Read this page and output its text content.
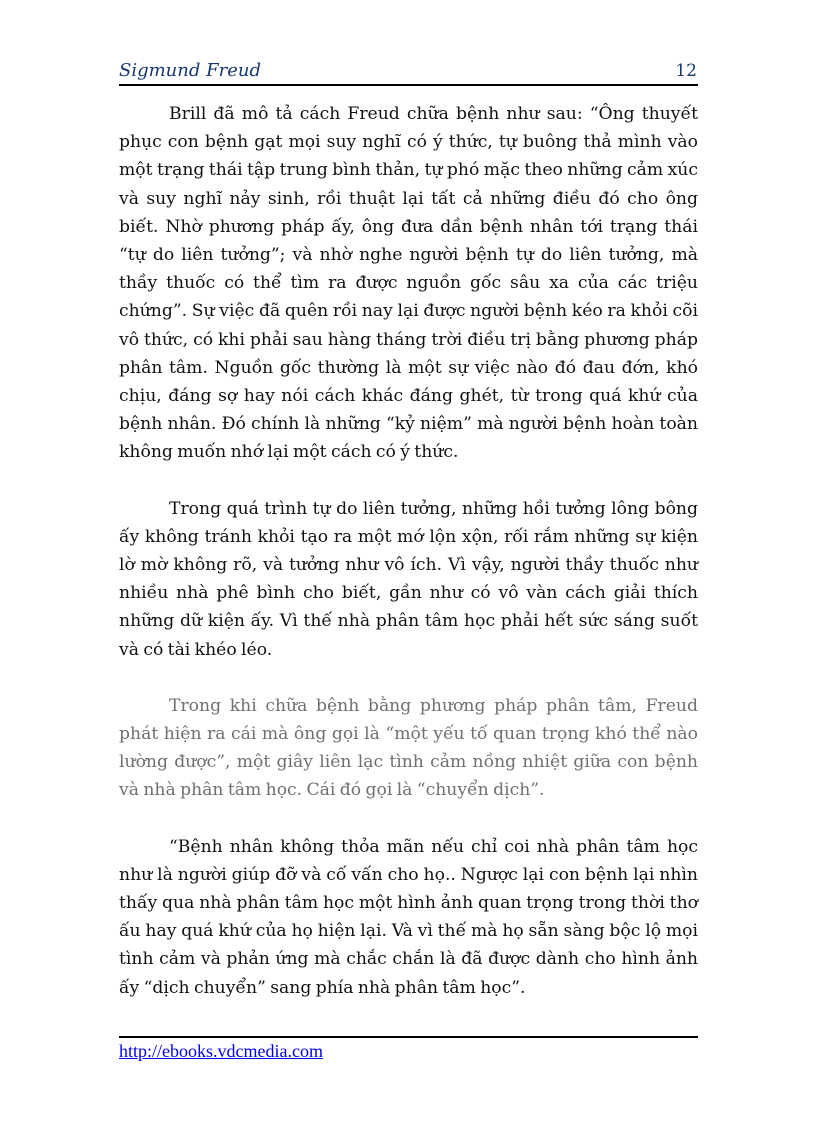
Sigmund Freud	12

Brill đã mô tả cách Freud chữa bệnh như sau: “Ông thuyết phục con bệnh gạt mọi suy nghĩ có ý thức, tự buông thả mình vào một trạng thái tập trung bình thản, tự phó mặc theo những cảm xúc và suy nghĩ nảy sinh, rồi thuật lại tất cả những điều đó cho ông biết. Nhờ phương pháp ấy, ông đưa dần bệnh nhân tới trạng thái “tự do liên tưởng”; và nhờ nghe người bệnh tự do liên tưởng, mà thầy thuốc có thể tìm ra được nguồn gốc sâu xa của các triệu chứng”. Sự việc đã quên rồi nay lại được người bệnh kéo ra khỏi cõi vô thức, có khi phải sau hàng tháng trời điều trị bằng phương pháp phân tâm. Nguồn gốc thường là một sự việc nào đó đau đớn, khó chịu, đáng sợ hay nói cách khác đáng ghét, từ trong quá khứ của bệnh nhân. Đó chính là những “kỷ niệm” mà người bệnh hoàn toàn không muốn nhớ lại một cách có ý thức.

Trong quá trình tự do liên tưởng, những hồi tưởng lông bông ấy không tránh khỏi tạo ra một mớ lộn xộn, rối rắm những sự kiện lờ mờ không rõ, và tưởng như vô ích. Vì vậy, người thầy thuốc như nhiều nhà phê bình cho biết, gần như có vô vàn cách giải thích những dữ kiện ấy. Vì thế nhà phân tâm học phải hết sức sáng suốt và có tài khéo léo.

Trong khi chữa bệnh bằng phương pháp phân tâm, Freud phát hiện ra cái mà ông gọi là “một yếu tố quan trọng khó thể nào lường được”, một giây liên lạc tình cảm nồng nhiệt giữa con bệnh và nhà phân tâm học. Cái đó gọi là “chuyển dịch”.

“Bệnh nhân không thỏa mãn nếu chỉ coi nhà phân tâm học như là người giúp đỡ và cố vấn cho họ.. Ngược lại con bệnh lại nhìn thấy qua nhà phân tâm học một hình ảnh quan trọng trong thời thơ ấu hay quá khứ của họ hiện lại. Và vì thế mà họ sẵn sàng bộc lộ mọi tình cảm và phản ứng mà chắc chắn là đã được dành cho hình ảnh ấy “dịch chuyển” sang phía nhà phân tâm học”.

http://ebooks.vdcmedia.com
